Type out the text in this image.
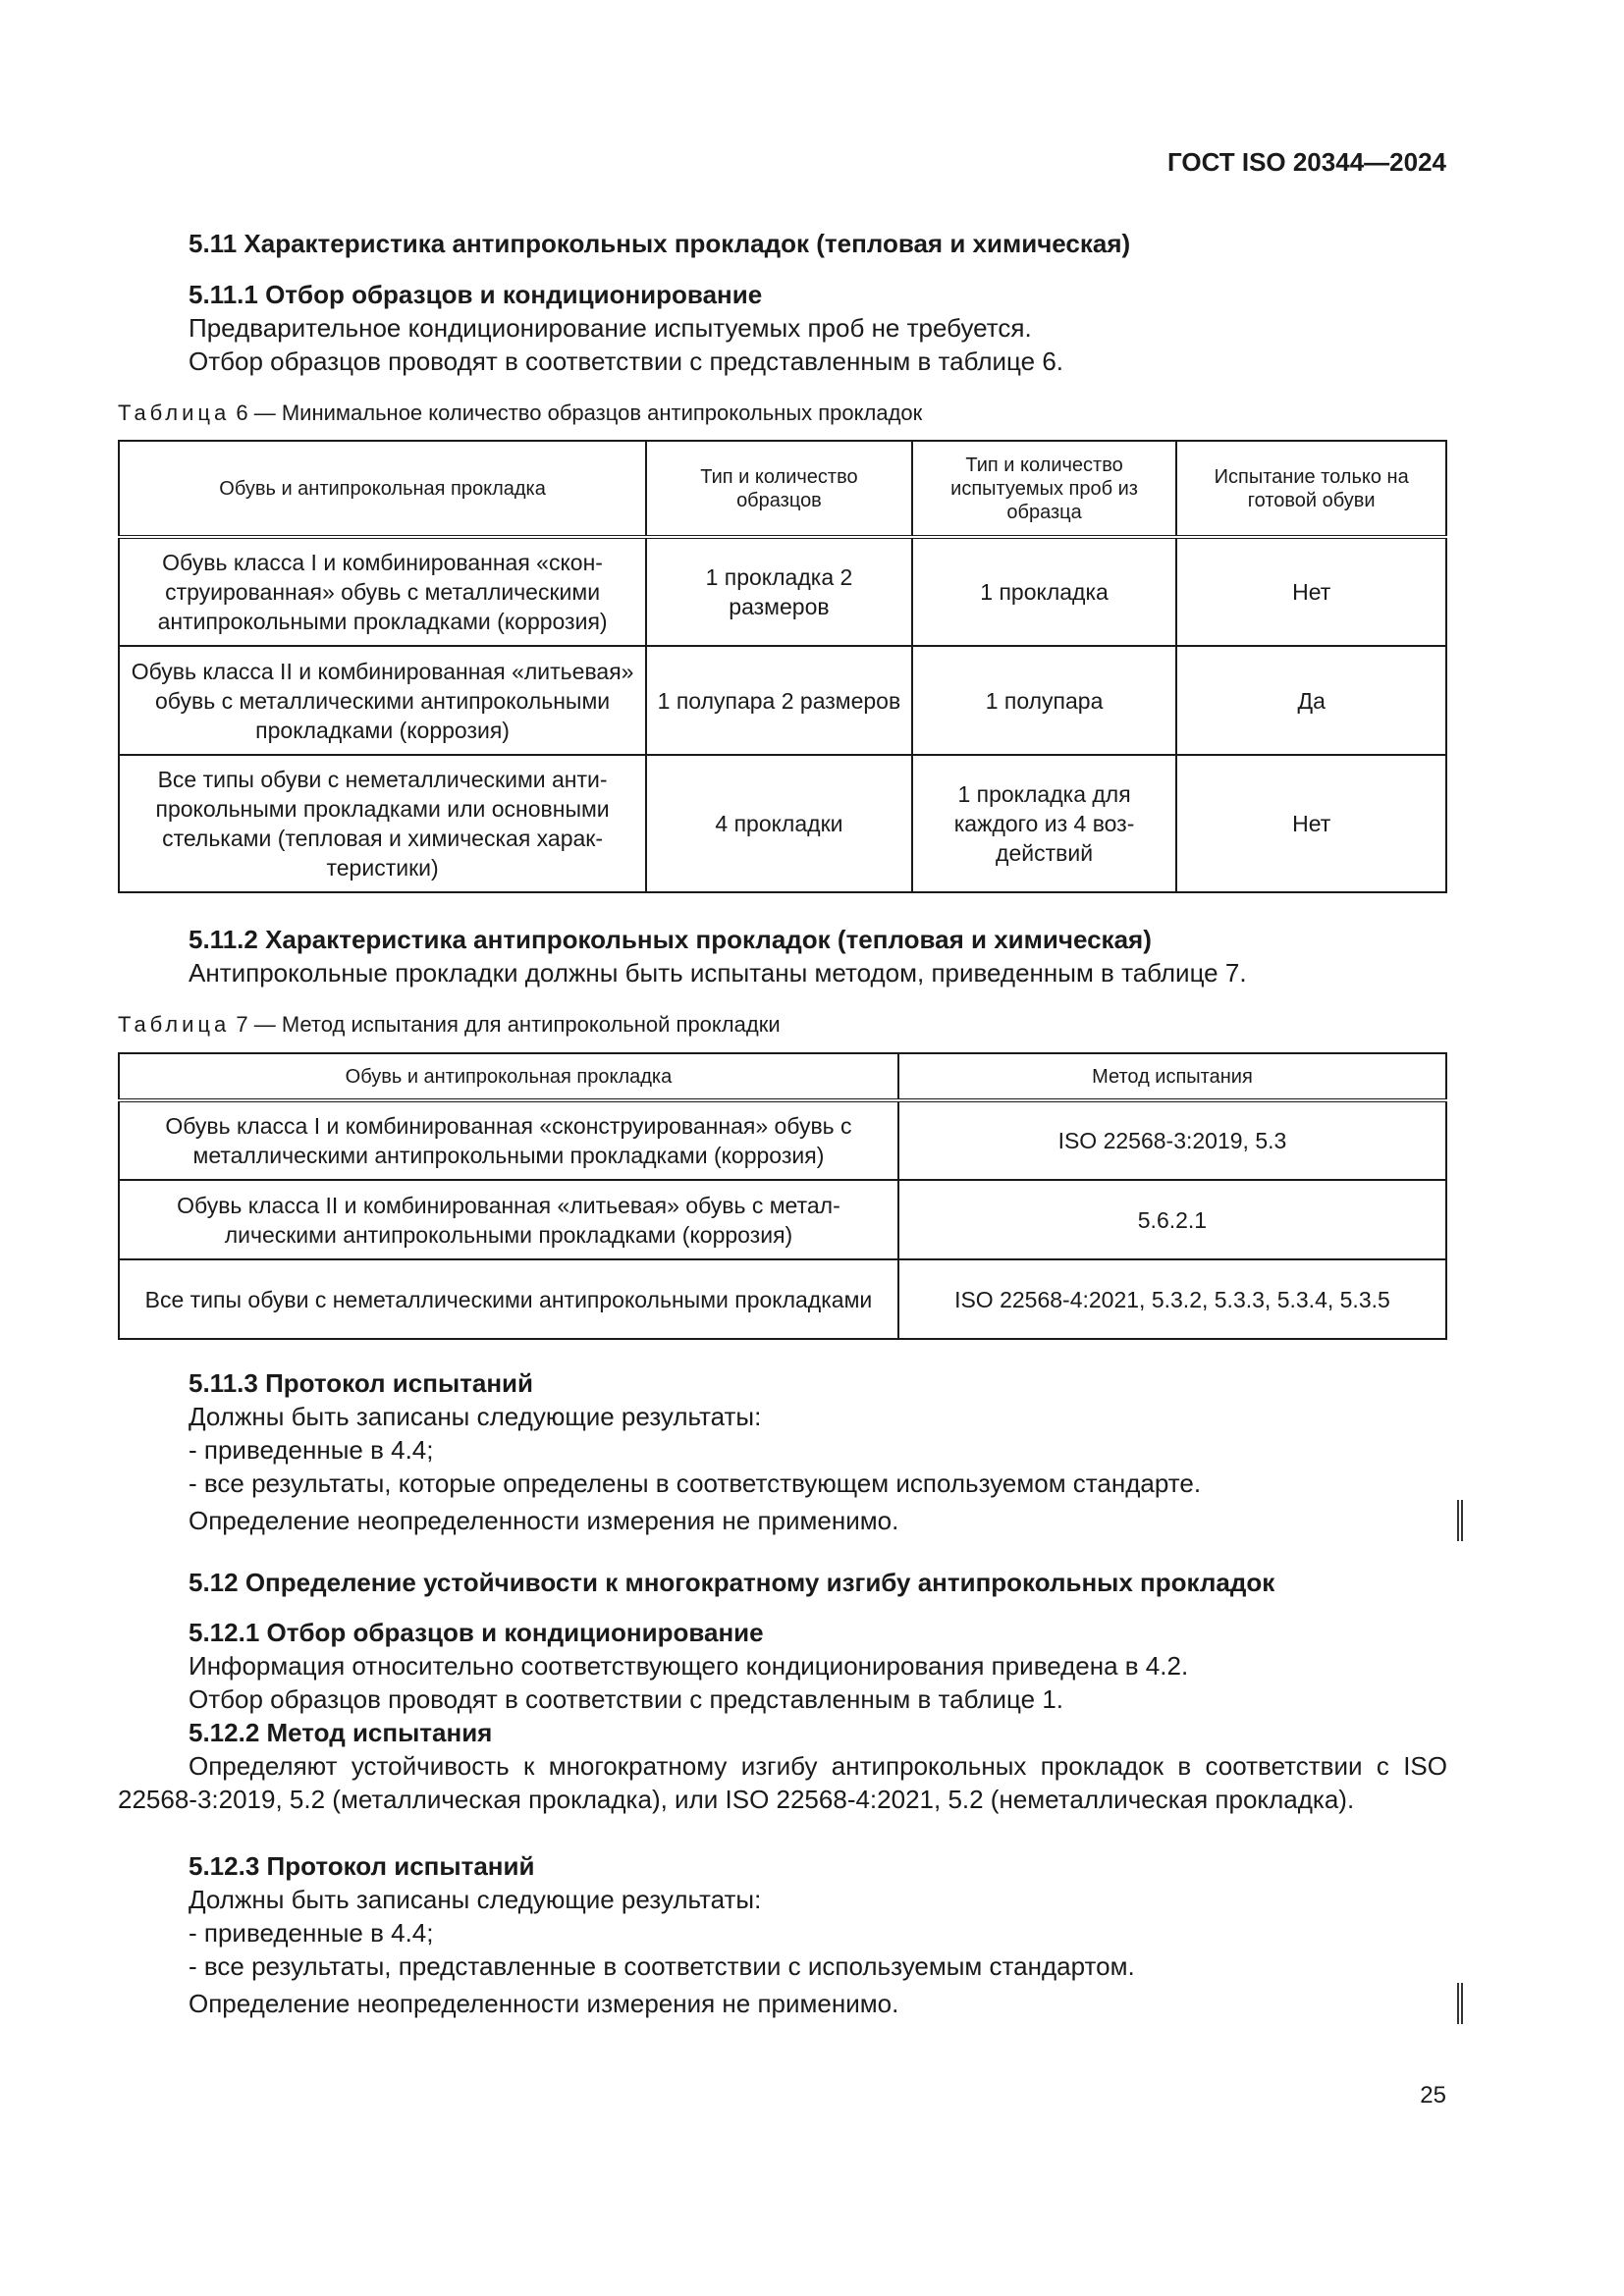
ГОСТ ISO 20344—2024
5.11 Характеристика антипрокольных прокладок (тепловая и химическая)
5.11.1 Отбор образцов и кондиционирование
Предварительное кондиционирование испытуемых проб не требуется.
Отбор образцов проводят в соответствии с представленным в таблице 6.
Таблица 6 — Минимальное количество образцов антипрокольных прокладок
Обувь и антипрокольная прокладка	Тип и количество образцов	Тип и количество испытуемых проб из образца	Испытание только на готовой обуви
Обувь класса I и комбинированная «сконструированная» обувь с металлическими антипрокольными прокладками (коррозия)	1 прокладка 2 размеров	1 прокладка	Нет
Обувь класса II и комбинированная «литьевая» обувь с металлическими антипрокольными прокладками (коррозия)	1 полупара 2 размеров	1 полупара	Да
Все типы обуви с неметаллическими антипрокольными прокладками или основными стельками (тепловая и химическая характеристики)	4 прокладки	1 прокладка для каждого из 4 воздействий	Нет
5.11.2 Характеристика антипрокольных прокладок (тепловая и химическая)
Антипрокольные прокладки должны быть испытаны методом, приведенным в таблице 7.
Таблица 7 — Метод испытания для антипрокольной прокладки
Обувь и антипрокольная прокладка	Метод испытания
Обувь класса I и комбинированная «сконструированная» обувь с металлическими антипрокольными прокладками (коррозия)	ISO 22568-3:2019, 5.3
Обувь класса II и комбинированная «литьевая» обувь с металлическими антипрокольными прокладками (коррозия)	5.6.2.1
Все типы обуви с неметаллическими антипрокольными прокладками	ISO 22568-4:2021, 5.3.2, 5.3.3, 5.3.4, 5.3.5
5.11.3 Протокол испытаний
Должны быть записаны следующие результаты:
- приведенные в 4.4;
- все результаты, которые определены в соответствующем используемом стандарте.
Определение неопределенности измерения не применимо.
5.12 Определение устойчивости к многократному изгибу антипрокольных прокладок
5.12.1 Отбор образцов и кондиционирование
Информация относительно соответствующего кондиционирования приведена в 4.2.
Отбор образцов проводят в соответствии с представленным в таблице 1.
5.12.2 Метод испытания
Определяют устойчивость к многократному изгибу антипрокольных прокладок в соответствии с ISO 22568-3:2019, 5.2 (металлическая прокладка), или ISO 22568-4:2021, 5.2 (неметаллическая прокладка).
5.12.3 Протокол испытаний
Должны быть записаны следующие результаты:
- приведенные в 4.4;
- все результаты, представленные в соответствии с используемым стандартом.
Определение неопределенности измерения не применимо.
25
